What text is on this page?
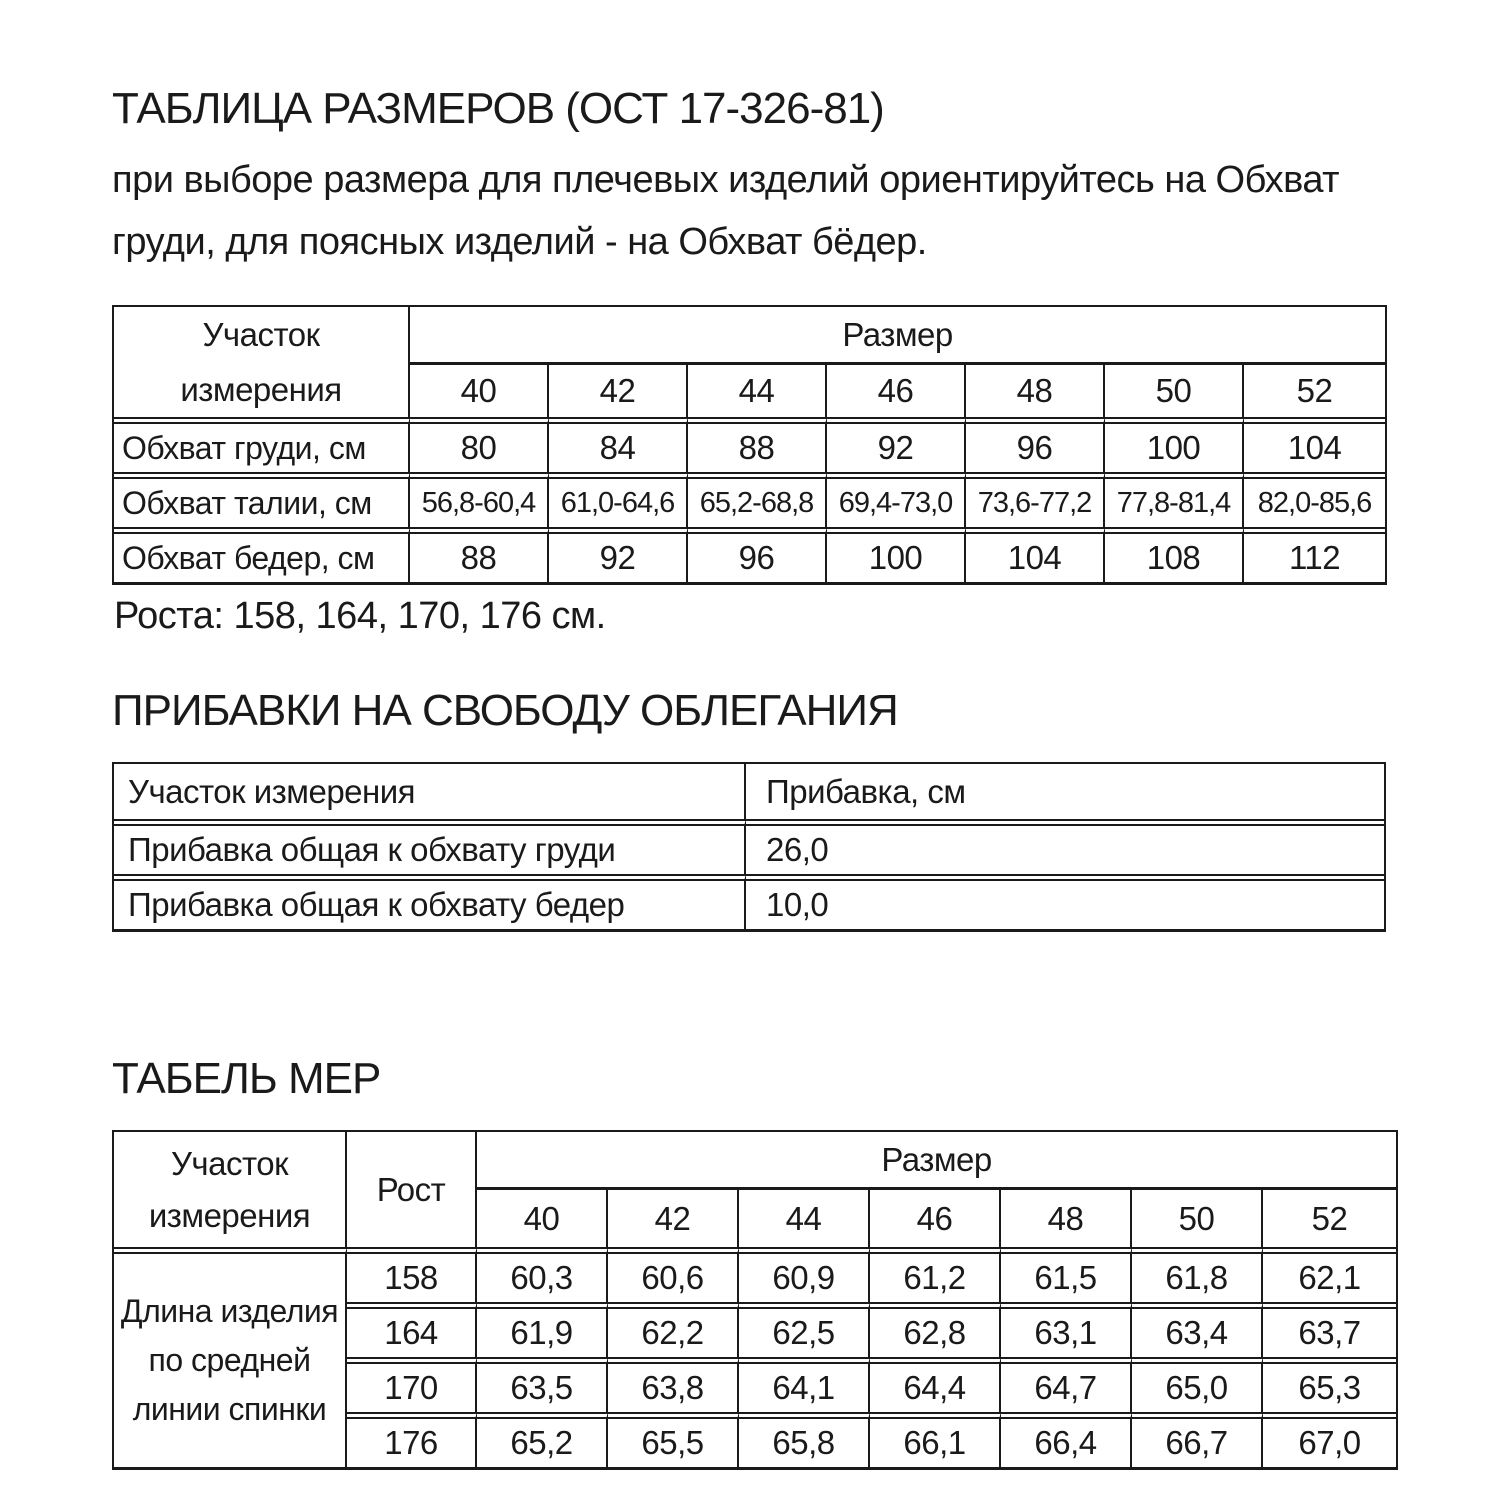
ТАБЛИЦА РАЗМЕРОВ (ОСТ 17-326-81)

при выборе размера для плечевых изделий ориентируйтесь на Обхват
груди, для поясных изделий - на Обхват бёдер.

Участок
измерения	Размер						
	40	42	44	46	48	50	52
Обхват груди, см	80	84	88	92	96	100	104
Обхват талии, см	56,8-60,4	61,0-64,6	65,2-68,8	69,4-73,0	73,6-77,2	77,8-81,4	82,0-85,6
Обхват бедер, см	88	92	96	100	104	108	112
Роста: 158, 164, 170, 176 см.
ПРИБАВКИ НА СВОБОДУ ОБЛЕГАНИЯ
Участок измерения	Прибавка, см
Прибавка общая к обхвату груди	26,0
Прибавка общая к обхвату бедер	10,0
ТАБЕЛЬ МЕР
Участок
измерения	Рост	Размер						
		40	42	44	46	48	50	52

Длина изделия
по средней
линии спинки	158	60,3	60,6	60,9	61,2	61,5	61,8	62,1
	164	61,9	62,2	62,5	62,8	63,1	63,4	63,7
	170	63,5	63,8	64,1	64,4	64,7	65,0	65,3
	176	65,2	65,5	65,8	66,1	66,4	66,7	67,0
